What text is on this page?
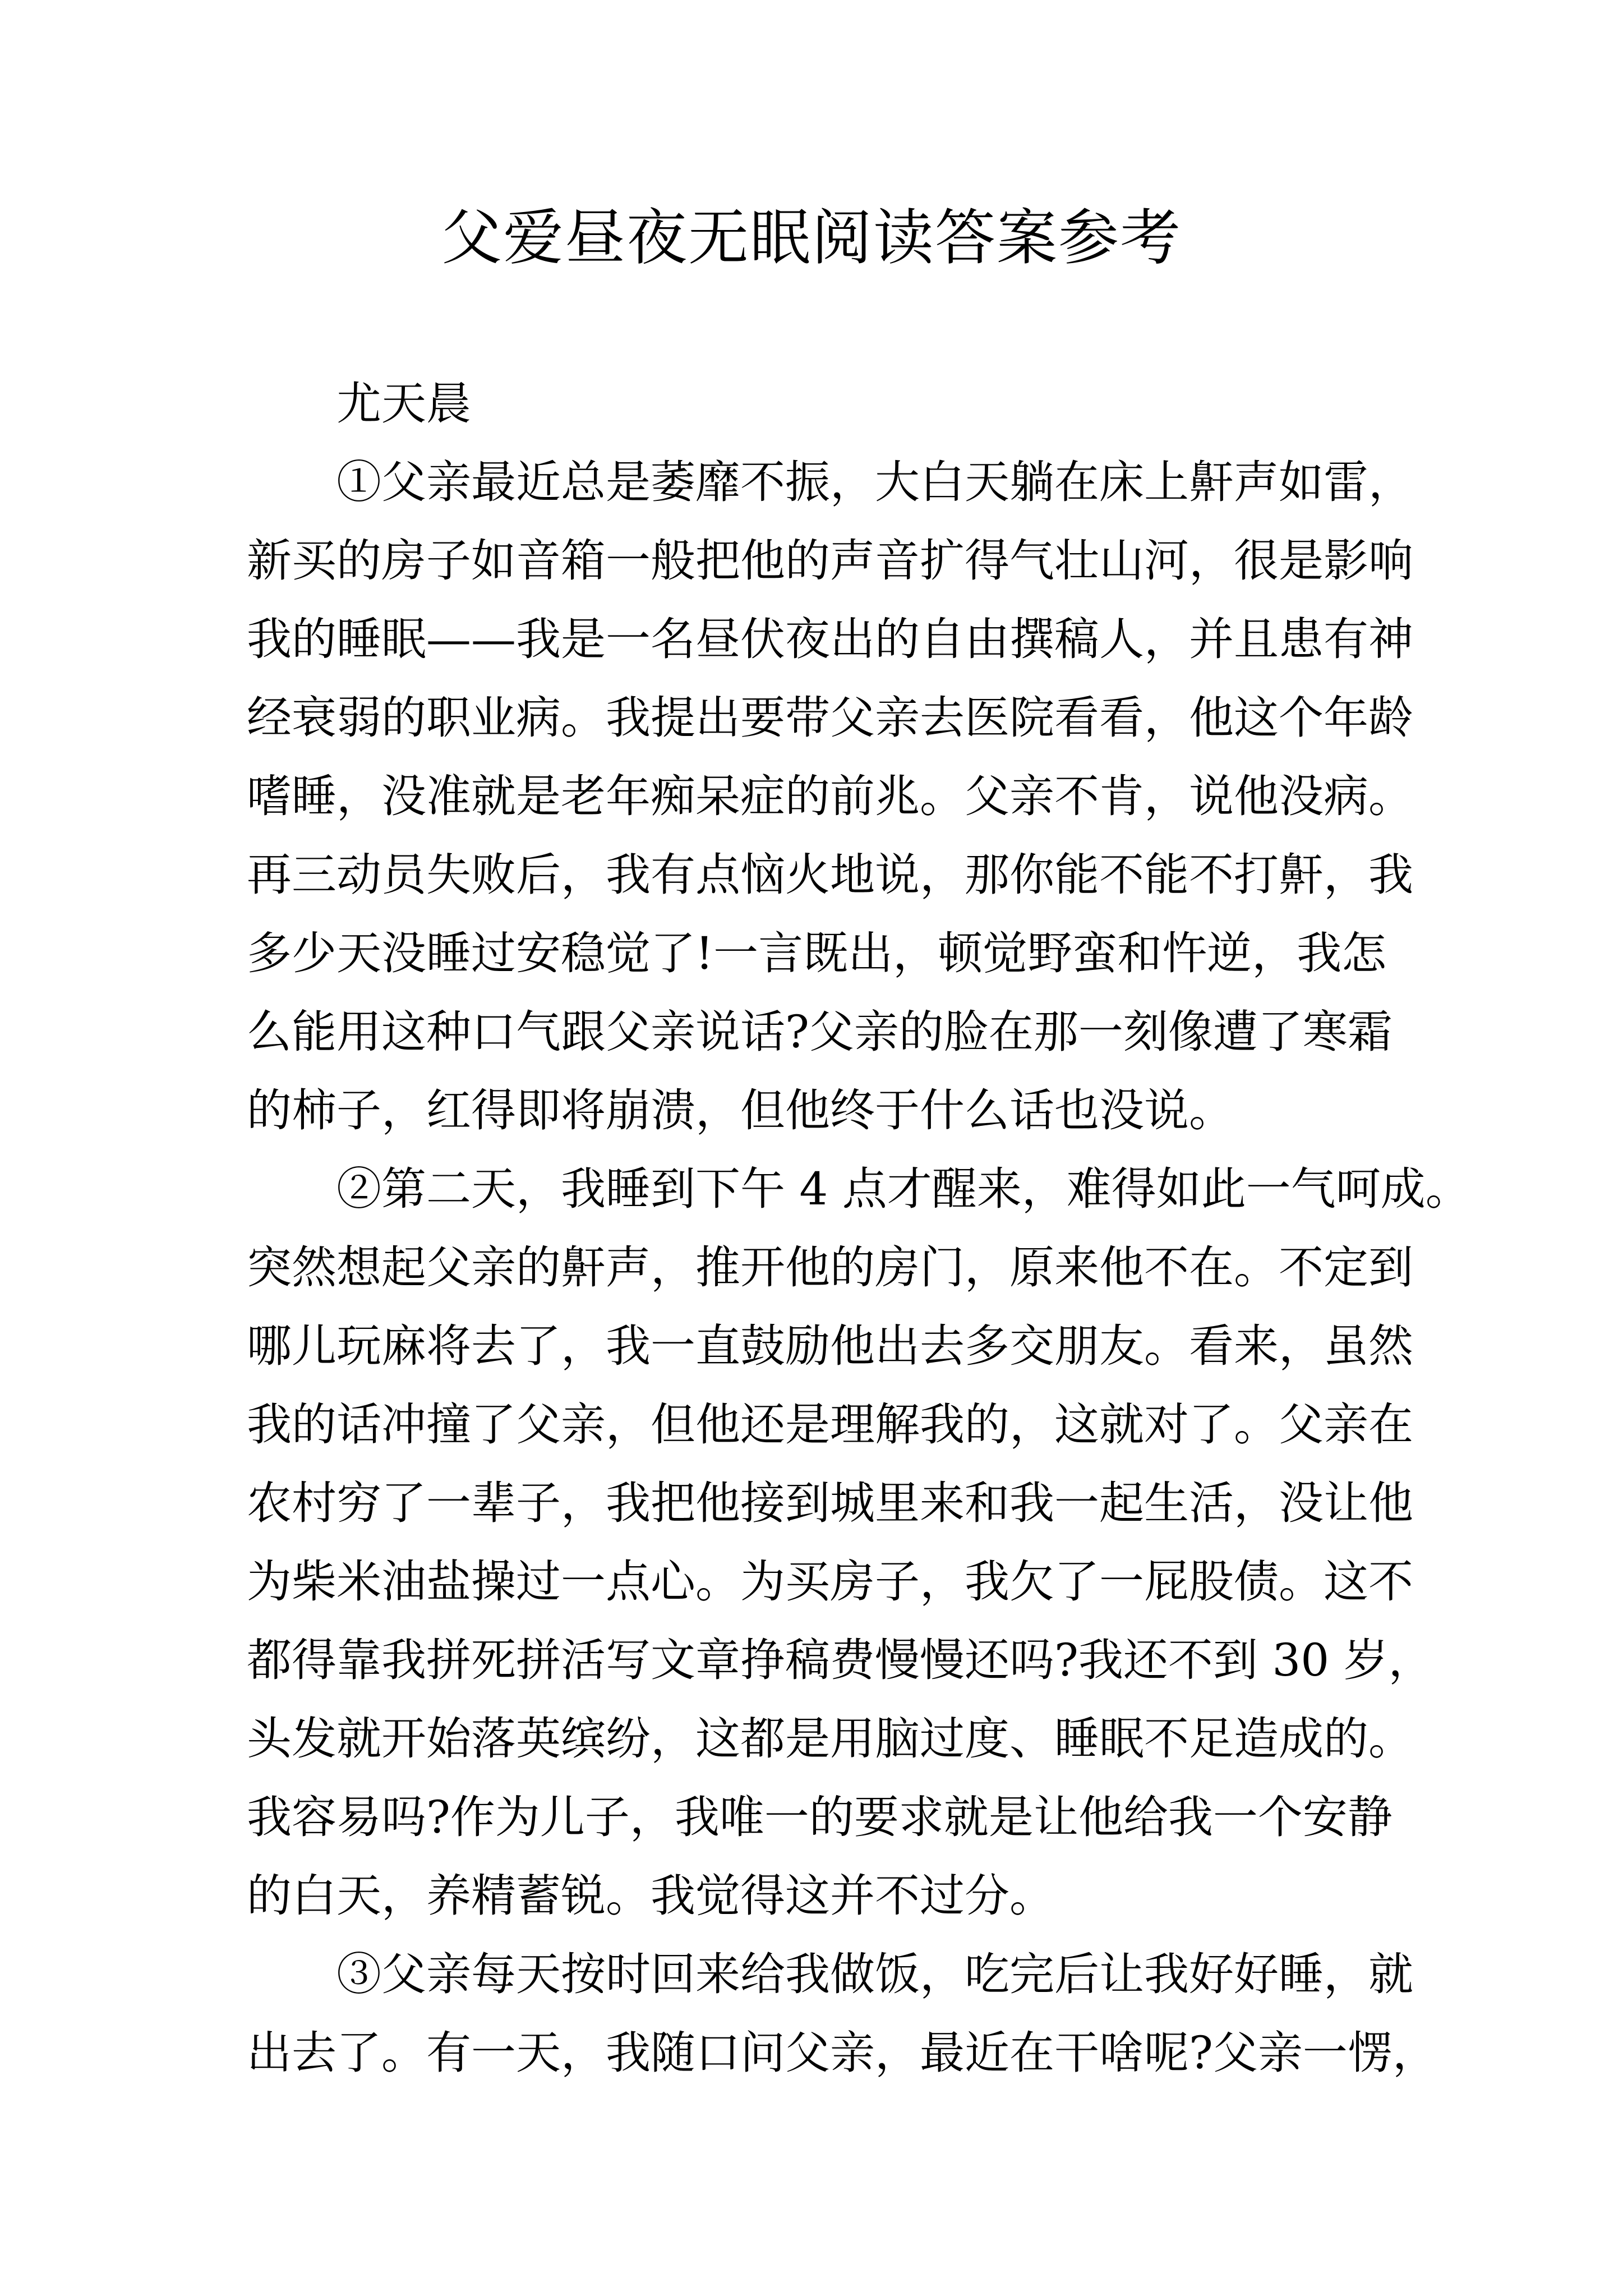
父爱昼夜无眠阅读答案参考
尤天晨
①父亲最近总是萎靡不振，大白天躺在床上鼾声如雷，
新买的房子如音箱一般把他的声音扩得气壮山河，很是影响
我的睡眠——我是一名昼伏夜出的自由撰稿人，并且患有神
经衰弱的职业病。我提出要带父亲去医院看看，他这个年龄
嗜睡，没准就是老年痴呆症的前兆。父亲不肯，说他没病。
再三动员失败后，我有点恼火地说，那你能不能不打鼾，我
多少天没睡过安稳觉了!一言既出，顿觉野蛮和忤逆，我怎
么能用这种口气跟父亲说话?父亲的脸在那一刻像遭了寒霜
的柿子，红得即将崩溃，但他终于什么话也没说。
②第二天，我睡到下午 4 点才醒来，难得如此一气呵成。
突然想起父亲的鼾声，推开他的房门，原来他不在。不定到
哪儿玩麻将去了，我一直鼓励他出去多交朋友。看来，虽然
我的话冲撞了父亲，但他还是理解我的，这就对了。父亲在
农村穷了一辈子，我把他接到城里来和我一起生活，没让他
为柴米油盐操过一点心。为买房子，我欠了一屁股债。这不
都得靠我拼死拼活写文章挣稿费慢慢还吗?我还不到 30 岁，
头发就开始落英缤纷，这都是用脑过度、睡眠不足造成的。
我容易吗?作为儿子，我唯一的要求就是让他给我一个安静
的白天，养精蓄锐。我觉得这并不过分。
③父亲每天按时回来给我做饭，吃完后让我好好睡，就
出去了。有一天，我随口问父亲，最近在干啥呢?父亲一愣，
